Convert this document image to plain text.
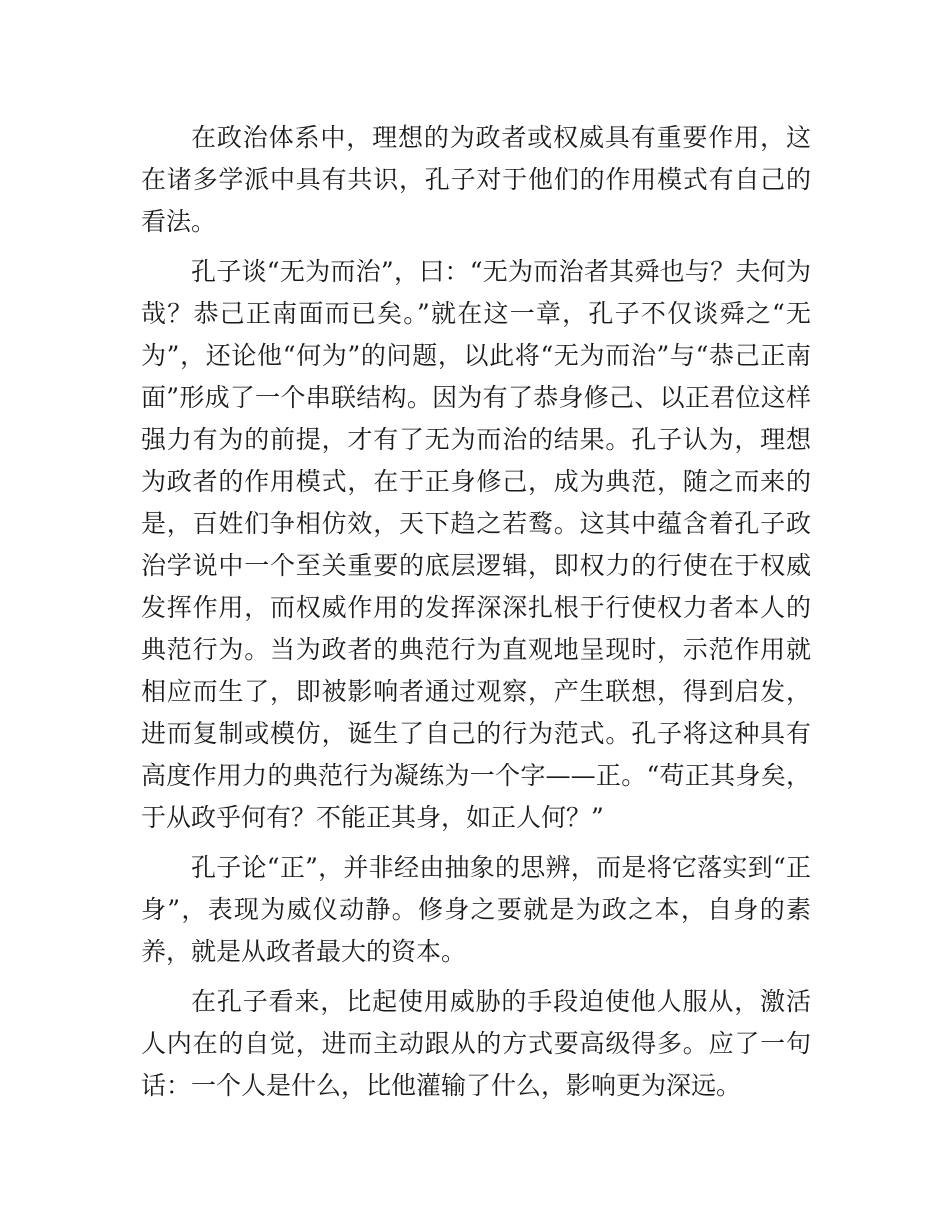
在政治体系中，理想的为政者或权威具有重要作用，这在诸多学派中具有共识，孔子对于他们的作用模式有自己的看法。

孔子谈“无为而治”，曰：“无为而治者其舜也与？夫何为哉？恭己正南面而已矣。”就在这一章，孔子不仅谈舜之“无为”，还论他“何为”的问题，以此将“无为而治”与“恭己正南面”形成了一个串联结构。因为有了恭身修己、以正君位这样强力有为的前提，才有了无为而治的结果。孔子认为，理想为政者的作用模式，在于正身修己，成为典范，随之而来的是，百姓们争相仿效，天下趋之若鹜。这其中蕴含着孔子政治学说中一个至关重要的底层逻辑，即权力的行使在于权威发挥作用，而权威作用的发挥深深扎根于行使权力者本人的典范行为。当为政者的典范行为直观地呈现时，示范作用就相应而生了，即被影响者通过观察，产生联想，得到启发，进而复制或模仿，诞生了自己的行为范式。孔子将这种具有高度作用力的典范行为凝练为一个字——正。“苟正其身矣，于从政乎何有？不能正其身，如正人何？”

孔子论“正”，并非经由抽象的思辨，而是将它落实到“正身”，表现为威仪动静。修身之要就是为政之本，自身的素养，就是从政者最大的资本。

在孔子看来，比起使用威胁的手段迫使他人服从，激活人内在的自觉，进而主动跟从的方式要高级得多。应了一句话：一个人是什么，比他灌输了什么，影响更为深远。
